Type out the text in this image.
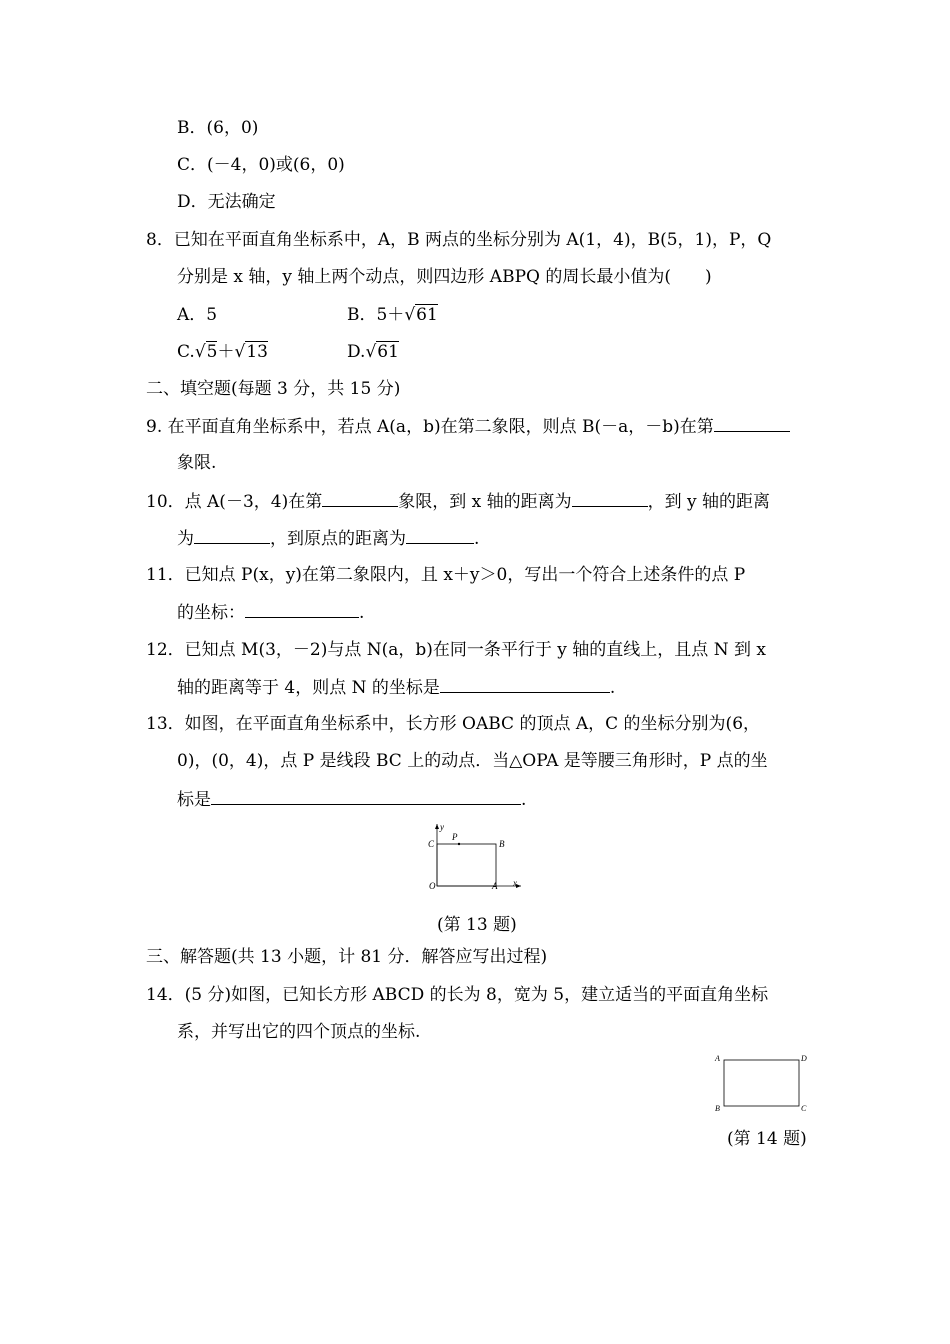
B．(6，0)
C．(－4，0)或(6，0)
D．无法确定
8．已知在平面直角坐标系中，A，B 两点的坐标分别为 A(1，4)，B(5，1)，P，Q
分别是 x 轴，y 轴上两个动点，则四边形 ABPQ 的周长最小值为(　　)
A．5	B．5＋√61
C.√5＋√13	D.√61
二、填空题(每题 3 分，共 15 分)
9. 在平面直角坐标系中，若点 A(a，b)在第二象限，则点 B(－a，－b)在第
象限.
10．点 A(－3，4)在第	象限，到 x 轴的距离为	，到 y 轴的距离
为	，到原点的距离为	.
11．已知点 P(x，y)在第二象限内，且 x＋y＞0，写出一个符合上述条件的点 P
的坐标：	.
12．已知点 M(3，－2)与点 N(a，b)在同一条平行于 y 轴的直线上，且点 N 到 x
轴的距离等于 4，则点 N 的坐标是	.
13．如图，在平面直角坐标系中，长方形 OABC 的顶点 A，C 的坐标分别为(6，
0)，(0，4)，点 P 是线段 BC 上的动点．当△OPA 是等腰三角形时，P 点的坐
标是	.
y
x
O	A
B
C
P
(第 13 题)
三、解答题(共 13 小题，计 81 分．解答应写出过程)
14．(5 分)如图，已知长方形 ABCD 的长为 8，宽为 5，建立适当的平面直角坐标
系，并写出它的四个顶点的坐标.
A	D
B	C
(第 14 题)
